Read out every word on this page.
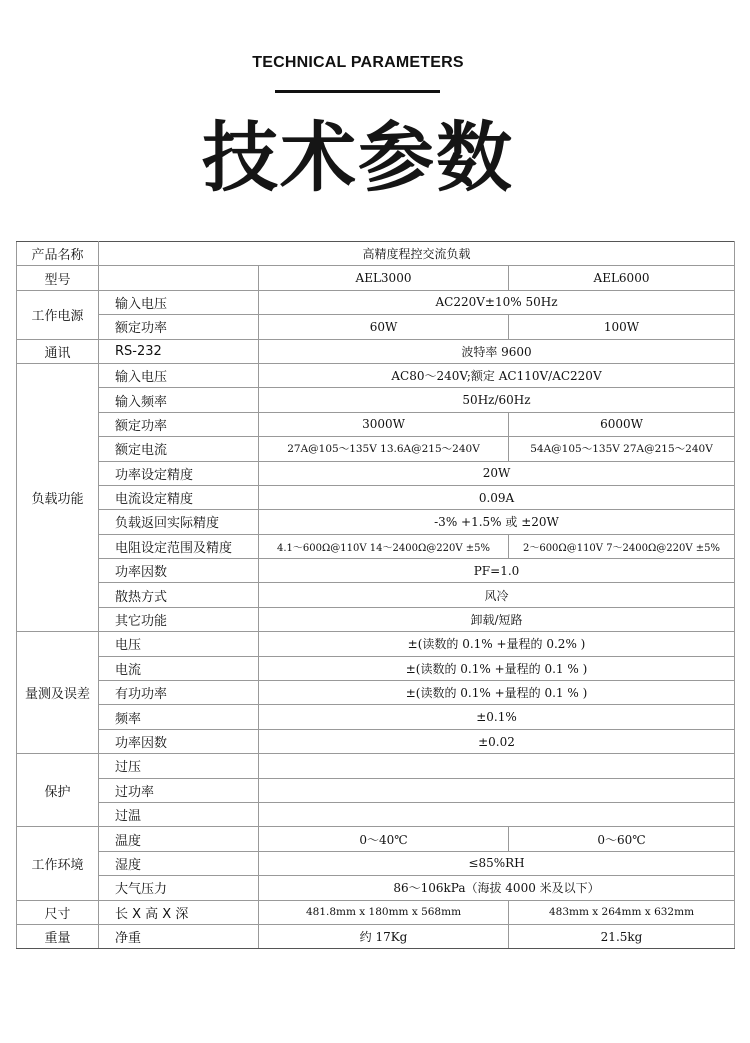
TECHNICAL PARAMETERS
技术参数
产品名称	高精度程控交流负载		
型号		AEL3000	AEL6000
工作电源	输入电压	AC220V±10% 50Hz	
	额定功率	60W	100W
通讯	RS-232	波特率 9600	
负载功能	输入电压	AC80～240V;额定 AC110V/AC220V	
	输入频率	50Hz/60Hz	
	额定功率	3000W	6000W
	额定电流	27A@105～135V 13.6A@215～240V	54A@105～135V 27A@215～240V
	功率设定精度	20W	
	电流设定精度	0.09A	
	负载返回实际精度	-3% +1.5% 或 ±20W	
	电阻设定范围及精度	4.1～600Ω@110V 14～2400Ω@220V ±5%	2～600Ω@110V 7～2400Ω@220V ±5%
	功率因数	PF=1.0	
	散热方式	风冷	
	其它功能	卸载/短路	
量测及误差	电压	±(读数的 0.1% +量程的 0.2% )	
	电流	±(读数的 0.1% +量程的 0.1 % )	
	有功功率	±(读数的 0.1% +量程的 0.1 % )	
	频率	±0.1%	
	功率因数	±0.02	
保护	过压		
	过功率		
	过温		
工作环境	温度	0～40℃	0～60℃
	湿度	≤85%RH	
	大气压力	86～106kPa（海拔 4000 米及以下）	
尺寸	长 X 高 X 深	481.8mm x 180mm x 568mm	483mm x 264mm x 632mm
重量	净重	约 17Kg	21.5kg
